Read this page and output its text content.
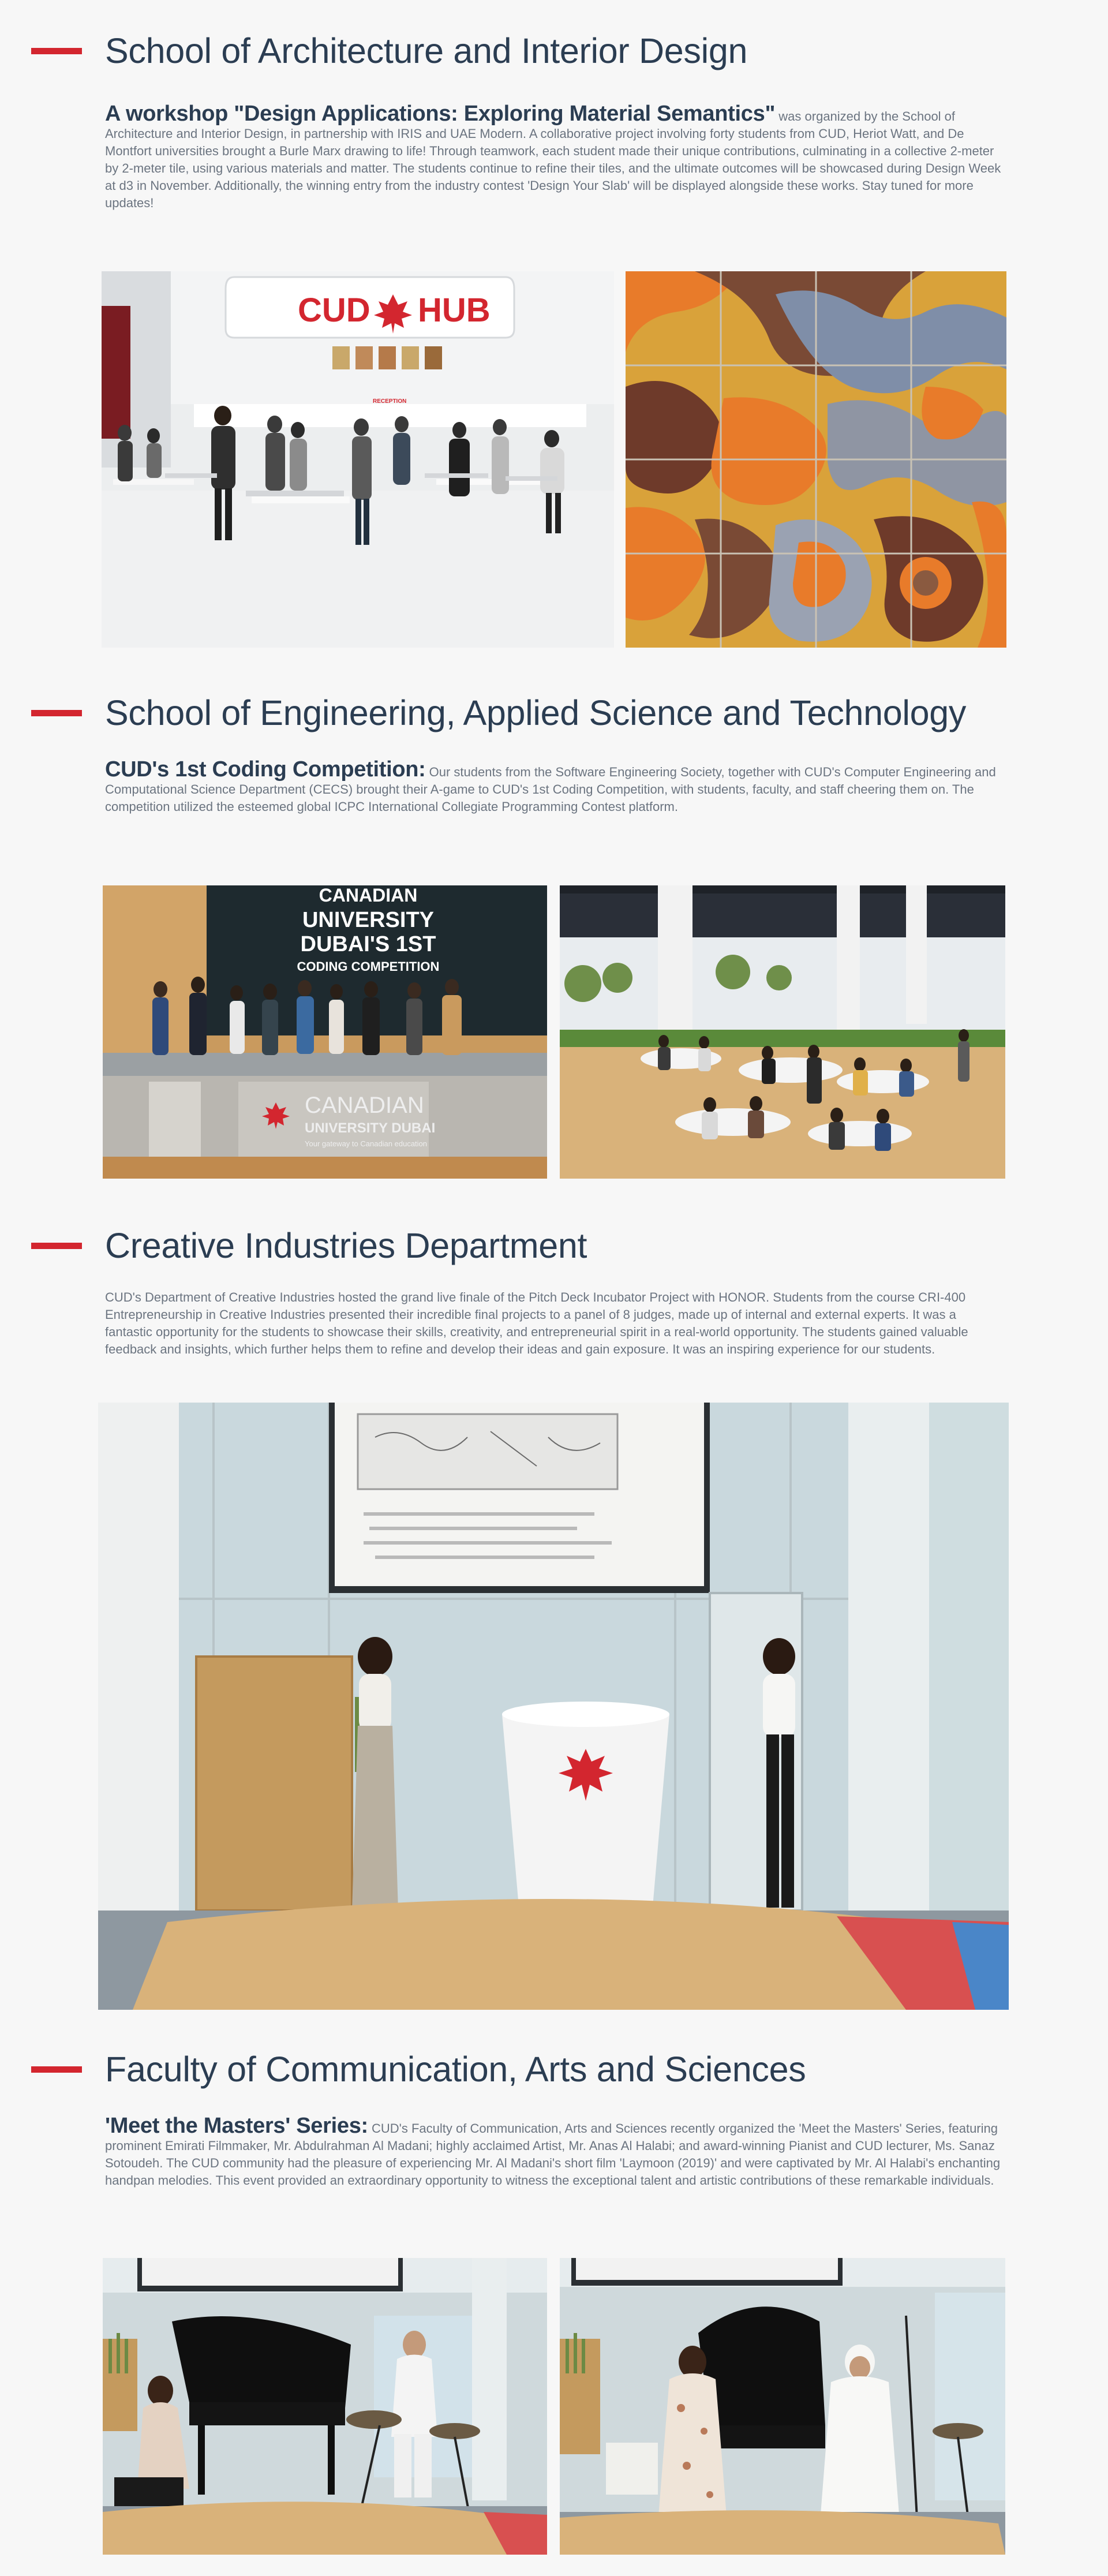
School of Architecture and Interior Design

A workshop "Design Applications: Exploring Material Semantics" was organized by the School of Architecture and Interior Design, in partnership with IRIS and UAE Modern. A collaborative project involving forty students from CUD, Heriot Watt, and De Montfort universities brought a Burle Marx drawing to life! Through teamwork, each student made their unique contributions, culminating in a collective 2-meter by 2-meter tile, using various materials and matter. The students continue to refine their tiles, and the ultimate outcomes will be showcased during Design Week at d3 in November. Additionally, the winning entry from the industry contest 'Design Your Slab' will be displayed alongside these works. Stay tuned for more updates!

CUD HUB
RECEPTION
School of Engineering, Applied Science and Technology

CUD's 1st Coding Competition: Our students from the Software Engineering Society, together with CUD's Computer Engineering and Computational Science Department (CECS) brought their A-game to CUD's 1st Coding Competition, with students, faculty, and staff cheering them on. The competition utilized the esteemed global ICPC International Collegiate Programming Contest platform.

CANADIAN
UNIVERSITY
DUBAI'S 1ST
CODING COMPETITION
CANADIAN
UNIVERSITY DUBAI
Your gateway to Canadian education
Creative Industries Department

CUD's Department of Creative Industries hosted the grand live finale of the Pitch Deck Incubator Project with HONOR. Students from the course CRI-400 Entrepreneurship in Creative Industries presented their incredible final projects to a panel of 8 judges, made up of internal and external experts. It was a fantastic opportunity for the students to showcase their skills, creativity, and entrepreneurial spirit in a real-world opportunity. The students gained valuable feedback and insights, which further helps them to refine and develop their ideas and gain exposure. It was an inspiring experience for our students.

Faculty of Communication, Arts and Sciences

'Meet the Masters' Series: CUD's Faculty of Communication, Arts and Sciences recently organized the 'Meet the Masters' Series, featuring prominent Emirati Filmmaker, Mr. Abdulrahman Al Madani; highly acclaimed Artist, Mr. Anas Al Halabi; and award-winning Pianist and CUD lecturer, Ms. Sanaz Sotoudeh. The CUD community had the pleasure of experiencing Mr. Al Madani's short film 'Laymoon (2019)' and were captivated by Mr. Al Halabi's enchanting handpan melodies. This event provided an extraordinary opportunity to witness the exceptional talent and artistic contributions of these remarkable individuals.
